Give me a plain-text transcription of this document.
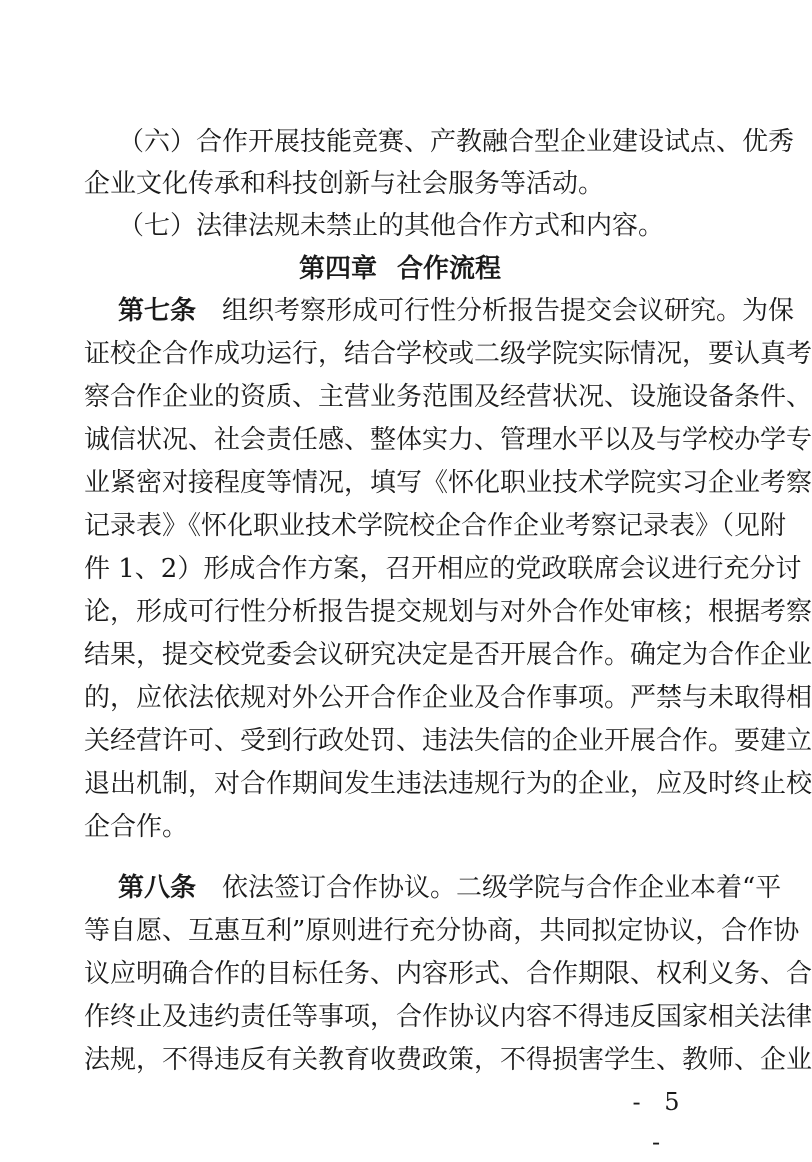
（六）合作开展技能竞赛、产教融合型企业建设试点、优秀
企业文化传承和科技创新与社会服务等活动。
（七）法律法规未禁止的其他合作方式和内容。
第四章 合作流程
第七条 组织考察形成可行性分析报告提交会议研究。为保
证校企合作成功运行，结合学校或二级学院实际情况，要认真考
察合作企业的资质、主营业务范围及经营状况、设施设备条件、
诚信状况、社会责任感、整体实力、管理水平以及与学校办学专
业紧密对接程度等情况，填写《怀化职业技术学院实习企业考察
记录表》《怀化职业技术学院校企合作企业考察记录表》（见附
件 1、2）形成合作方案，召开相应的党政联席会议进行充分讨
论，形成可行性分析报告提交规划与对外合作处审核；根据考察
结果，提交校党委会议研究决定是否开展合作。确定为合作企业
的，应依法依规对外公开合作企业及合作事项。严禁与未取得相
关经营许可、受到行政处罚、违法失信的企业开展合作。要建立
退出机制，对合作期间发生违法违规行为的企业，应及时终止校
企合作。
第八条 依法签订合作协议。二级学院与合作企业本着“平
等自愿、互惠互利”原则进行充分协商，共同拟定协议，合作协
议应明确合作的目标任务、内容形式、合作期限、权利义务、合
作终止及违约责任等事项，合作协议内容不得违反国家相关法律
法规，不得违反有关教育收费政策，不得损害学生、教师、企业
- 5 -
